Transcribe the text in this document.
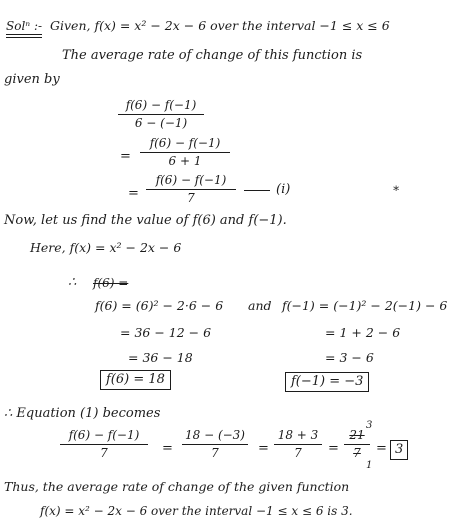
Solⁿ :- Given, f(x) = x² − 2x − 6 over the interval −1 ≤ x ≤ 6
The average rate of change of this function is
given by
f(6) − f(−1)
6 − (−1)
=
f(6) − f(−1)
6 + 1
=
f(6) − f(−1)
7
(i)	∗
Now, let us find the value of f(6) and f(−1).
Here, f(x) = x² − 2x − 6
∴ f(6) =
f(6) = (6)² − 2·6 − 6 and f(−1) = (−1)² − 2(−1) − 6
= 36 − 12 − 6	= 1 + 2 − 6
= 36 − 18	= 3 − 6
f(6) = 18	f(−1) = −3
∴ Equation (1) becomes
f(6) − f(−1)
7	=
18 − (−3)
7	=
18 + 3
7	=
21
7
3
1
= 3
Thus, the average rate of change of the given function
f(x) = x² − 2x − 6 over the interval −1 ≤ x ≤ 6 is 3.
